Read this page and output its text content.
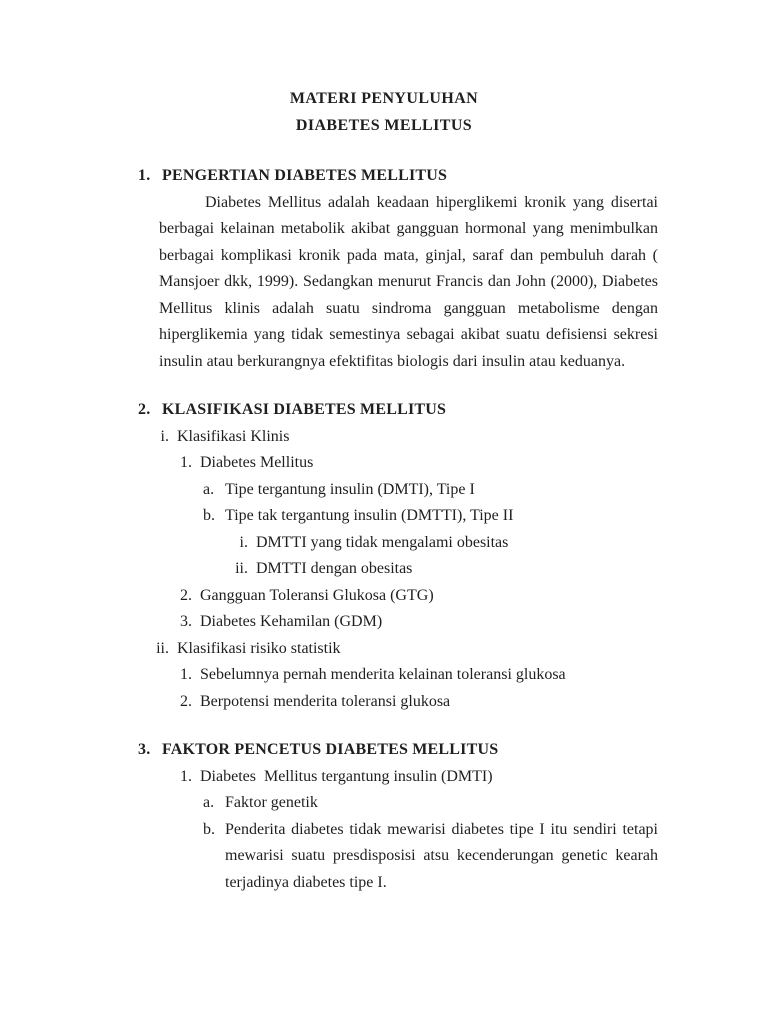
MATERI PENYULUHAN
DIABETES MELLITUS
1. PENGERTIAN DIABETES MELLITUS
Diabetes Mellitus adalah keadaan hiperglikemi kronik yang disertai berbagai kelainan metabolik akibat gangguan hormonal yang menimbulkan berbagai komplikasi kronik pada mata, ginjal, saraf dan pembuluh darah ( Mansjoer dkk, 1999). Sedangkan menurut Francis dan John (2000), Diabetes Mellitus klinis adalah suatu sindroma gangguan metabolisme dengan hiperglikemia yang tidak semestinya sebagai akibat suatu defisiensi sekresi insulin atau berkurangnya efektifitas biologis dari insulin atau keduanya.
2. KLASIFIKASI DIABETES MELLITUS
i. Klasifikasi Klinis
1. Diabetes Mellitus
a. Tipe tergantung insulin (DMTI), Tipe I
b. Tipe tak tergantung insulin (DMTTI), Tipe II
i. DMTTI yang tidak mengalami obesitas
ii. DMTTI dengan obesitas
2. Gangguan Toleransi Glukosa (GTG)
3. Diabetes Kehamilan (GDM)
ii. Klasifikasi risiko statistik
1. Sebelumnya pernah menderita kelainan toleransi glukosa
2. Berpotensi menderita toleransi glukosa
3. FAKTOR PENCETUS DIABETES MELLITUS
1. Diabetes  Mellitus tergantung insulin (DMTI)
a. Faktor genetik
b. Penderita diabetes tidak mewarisi diabetes tipe I itu sendiri tetapi mewarisi suatu presdisposisi atsu kecenderungan genetic kearah terjadinya diabetes tipe I.
